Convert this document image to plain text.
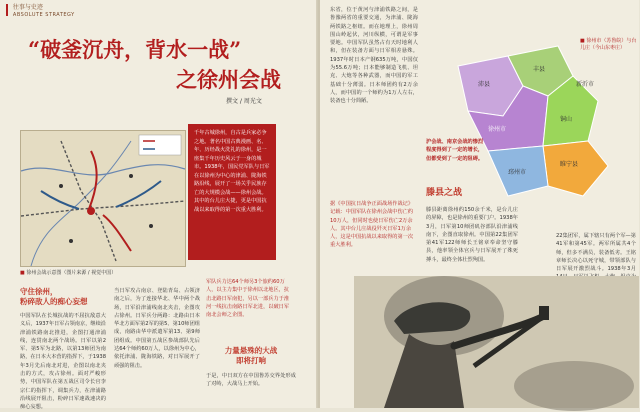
往事与史迹
ABSOLUTE STRATEGY
“破釜沉舟，背水一战”
之徐州会战
撰文 / 周光文
■ 徐州会战示意图（图片来源 / 视觉中国）
千年古城徐州，自古是兵家必争之地。著名中国古典漫画、名、年、历经战火洗礼的徐州，是一座集千年历史风云于一身的城市。1938年，国民党军队与日军在以徐州为中心的津浦、陇海铁路沿线，展开了一场关乎民族存亡的大规模会战——徐州会战。其中的台儿庄大捷，更是中国抗战以来取得的第一次重大胜利。
守住徐州，
粉碎敌人的痴心妄想
中国军队在长城抗战的不屈抗敌意大义后，1937年日军占领南京，继续沿津浦铁路南北推进，企图打通津浦线，连贯南北两个战场。日军以第2军、第5军为北路，以第13师团为南路，在日本大本营的指挥下，于1938年3月先后南北对进，企图以南北夹击的方式，攻占徐州。面对严峻形势，中国军队在第五战区司令长官李宗仁的指挥下，调集兵力，在津浦路沿线展开阻击，粉碎日军速战速决的痴心妄想。
当日军攻占南京、登陆青岛、占领济南之后，为了连接华北、华中两个战场，日军沿津浦线南北夹击，企图攻占徐州。日军兵分两路：北路由日本华北方面军第2军的第5、第10师团组成，南路由华中派遣军第13、第9师团组成。中国第五战区参战部队先后达64个师约60万人，以徐州为中心，依托津浦、陇海铁路，对日军展开了顽强的阻击。
军队兵力达64个师另3个旅约60万人，以主力集中于徐州以北地区，抗击北路日军南犯，另以一部兵力于淮河一线抗击南路日军北进，以破日军南北会师之企图。
力量悬殊的大战
即将打响
于是，中日双方在中国鲁苏交界处形成了对峙，大战马上开始。
东省，位于黄河与津浦铁路之间，是鲁豫两省的重要交通，为津浦、陇海两铁路之枢纽。而在地理上，徐州周围山岭起伏，河川纵横，可谓是军事要地。中国军队虽然占有天时地利人和，但在装备方面与日军相差悬殊。1937年时日本产钢635万吨，中国仅为55.6万吨；日本能够制造飞机、坦克、大炮等各种武器，而中国的军工基础十分薄弱。日本师团约有2万余人，而中国的一个师约为1万人左右，装备也十分简陋。
据《中国抗日战争正面战场作战记》记载：中国军队在徐州会战中伤亡约10万人，但同时也使日军伤亡2万余人。其中台儿庄战役歼灭日军1万余人，这是中国抗战以来取得的第一次重大胜利。
■ 徐州市（苏鲁皖）与台儿庄（今山东枣庄）
徐州市
沛县
丰县
铜山
睢宁县
邳州市
新沂市
沪会战、南京会战的惨烈程度得到了一定的增长，但都受到了一定的阻碍。
滕县之战
滕县距离徐州约150余千米，是台儿庄的屏障，也是徐州的重要门户。1938年3月，日军第10师团矶谷部队沿津浦线南下，企图直取徐州。中国第22集团军第41军122师师长王铭章奉命坚守滕县，他率领全体官兵与日军展开了殊死搏斗，最终全体壮烈殉国。
22集团军，属下辖只有两个军—第41军和第45军。两军所属共4个师，但多不满员，装备低劣。王铭章师长决心以死守城，带领部队与日军展开激烈战斗。1938年3月
